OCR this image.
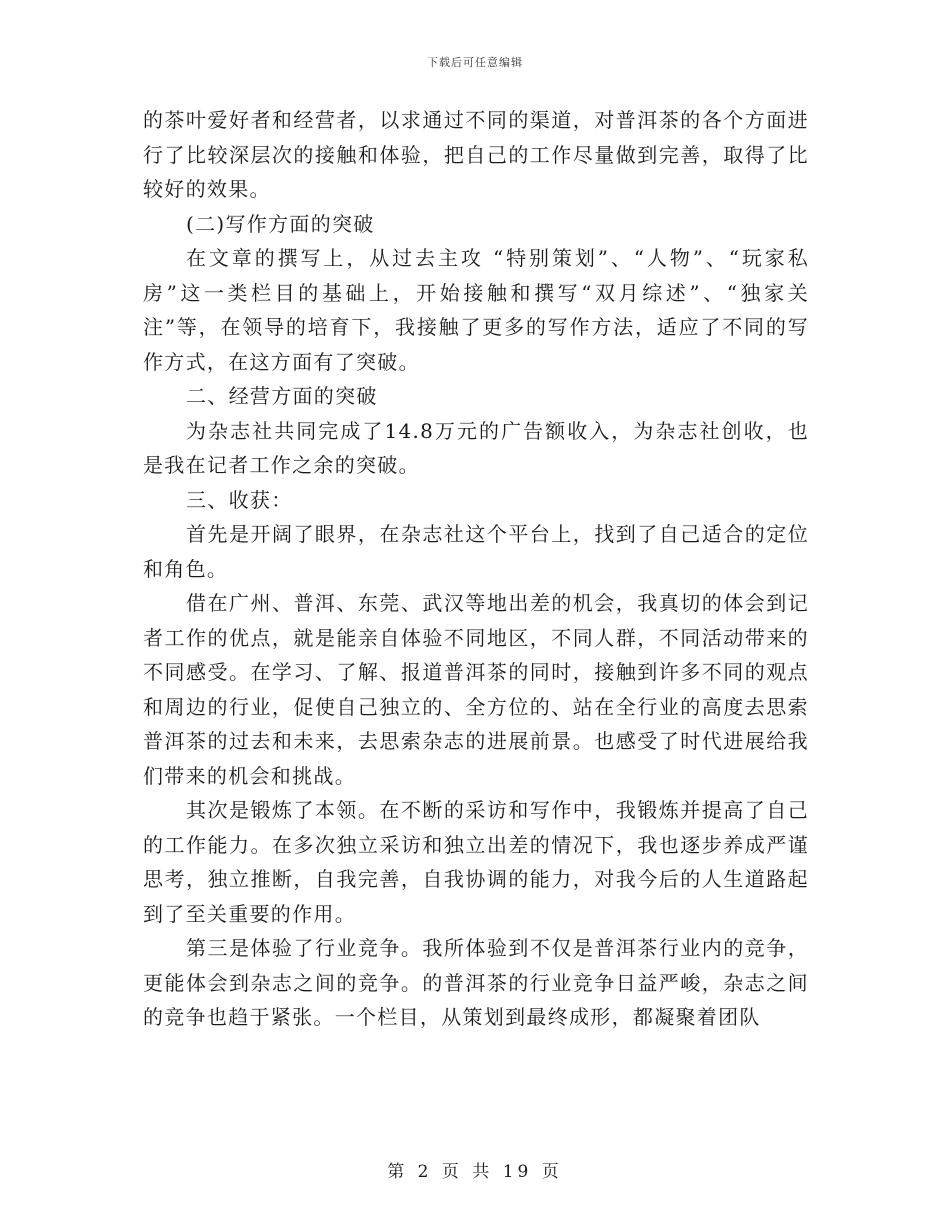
下载后可任意编辑

的茶叶爱好者和经营者，以求通过不同的渠道，对普洱茶的各个方面进行了比较深层次的接触和体验，把自己的工作尽量做到完善，取得了比较好的效果。

(二)写作方面的突破

在文章的撰写上，从过去主攻 “特别策划”、“人物”、“玩家私房”这一类栏目的基础上，开始接触和撰写“双月综述”、“独家关注”等，在领导的培育下，我接触了更多的写作方法，适应了不同的写作方式，在这方面有了突破。

二、经营方面的突破

为杂志社共同完成了14.8万元的广告额收入，为杂志社创收，也是我在记者工作之余的突破。

三、收获：

首先是开阔了眼界，在杂志社这个平台上，找到了自己适合的定位和角色。

借在广州、普洱、东莞、武汉等地出差的机会，我真切的体会到记者工作的优点，就是能亲自体验不同地区，不同人群，不同活动带来的不同感受。在学习、了解、报道普洱茶的同时，接触到许多不同的观点和周边的行业，促使自己独立的、全方位的、站在全行业的高度去思索普洱茶的过去和未来，去思索杂志的进展前景。也感受了时代进展给我们带来的机会和挑战。

其次是锻炼了本领。在不断的采访和写作中，我锻炼并提高了自己的工作能力。在多次独立采访和独立出差的情况下，我也逐步养成严谨思考，独立推断，自我完善，自我协调的能力，对我今后的人生道路起到了至关重要的作用。

第三是体验了行业竞争。我所体验到不仅是普洱茶行业内的竞争，更能体会到杂志之间的竞争。的普洱茶的行业竞争日益严峻，杂志之间的竞争也趋于紧张。一个栏目，从策划到最终成形，都凝聚着团队

第 2 页 共 19 页
